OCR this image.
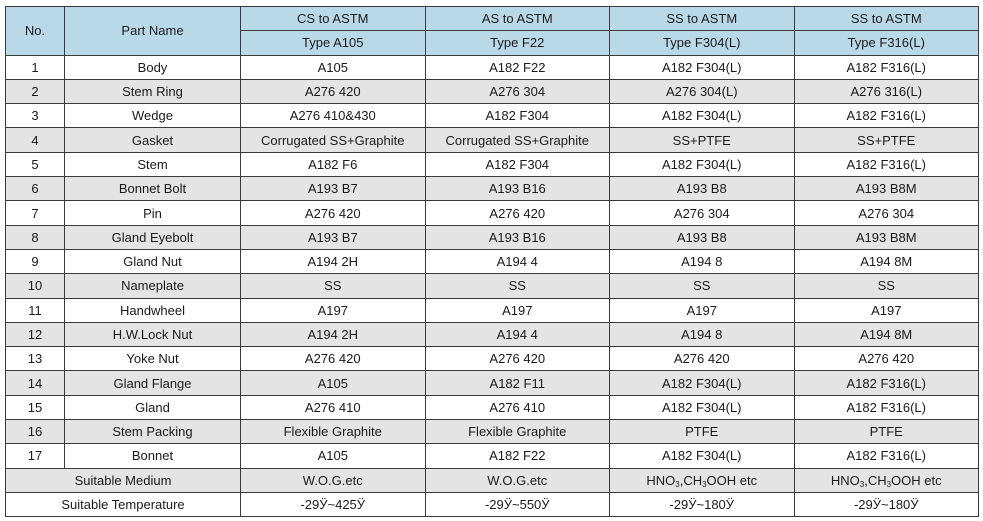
No.	Part Name	CS to ASTM	AS to ASTM	SS to ASTM	SS to ASTM
		Type A105	Type F22	Type F304(L)	Type F316(L)
1	Body	A105	A182 F22	A182 F304(L)	A182 F316(L)
2	Stem Ring	A276 420	A276 304	A276 304(L)	A276 316(L)
3	Wedge	A276 410&430	A182 F304	A182 F304(L)	A182 F316(L)
4	Gasket	Corrugated SS+Graphite	Corrugated SS+Graphite	SS+PTFE	SS+PTFE
5	Stem	A182 F6	A182 F304	A182 F304(L)	A182 F316(L)
6	Bonnet Bolt	A193 B7	A193 B16	A193 B8	A193 B8M
7	Pin	A276 420	A276 420	A276 304	A276 304
8	Gland Eyebolt	A193 B7	A193 B16	A193 B8	A193 B8M
9	Gland Nut	A194 2H	A194 4	A194 8	A194 8M
10	Nameplate	SS	SS	SS	SS
11	Handwheel	A197	A197	A197	A197
12	H.W.Lock Nut	A194 2H	A194 4	A194 8	A194 8M
13	Yoke Nut	A276 420	A276 420	A276 420	A276 420
14	Gland Flange	A105	A182 F11	A182 F304(L)	A182 F316(L)
15	Gland	A276 410	A276 410	A182 F304(L)	A182 F316(L)
16	Stem Packing	Flexible Graphite	Flexible Graphite	PTFE	PTFE
17	Bonnet	A105	A182 F22	A182 F304(L)	A182 F316(L)
Suitable Medium		W.O.G.etc	W.O.G.etc	$HNO_3,CH_3OOH$ etc	$HNO_3,CH_3OOH$ etc
Suitable Temperature		-29Ӱ~425Ӱ	-29Ӱ~550Ӱ	-29Ӱ~180Ӱ	-29Ӱ~180Ӱ
